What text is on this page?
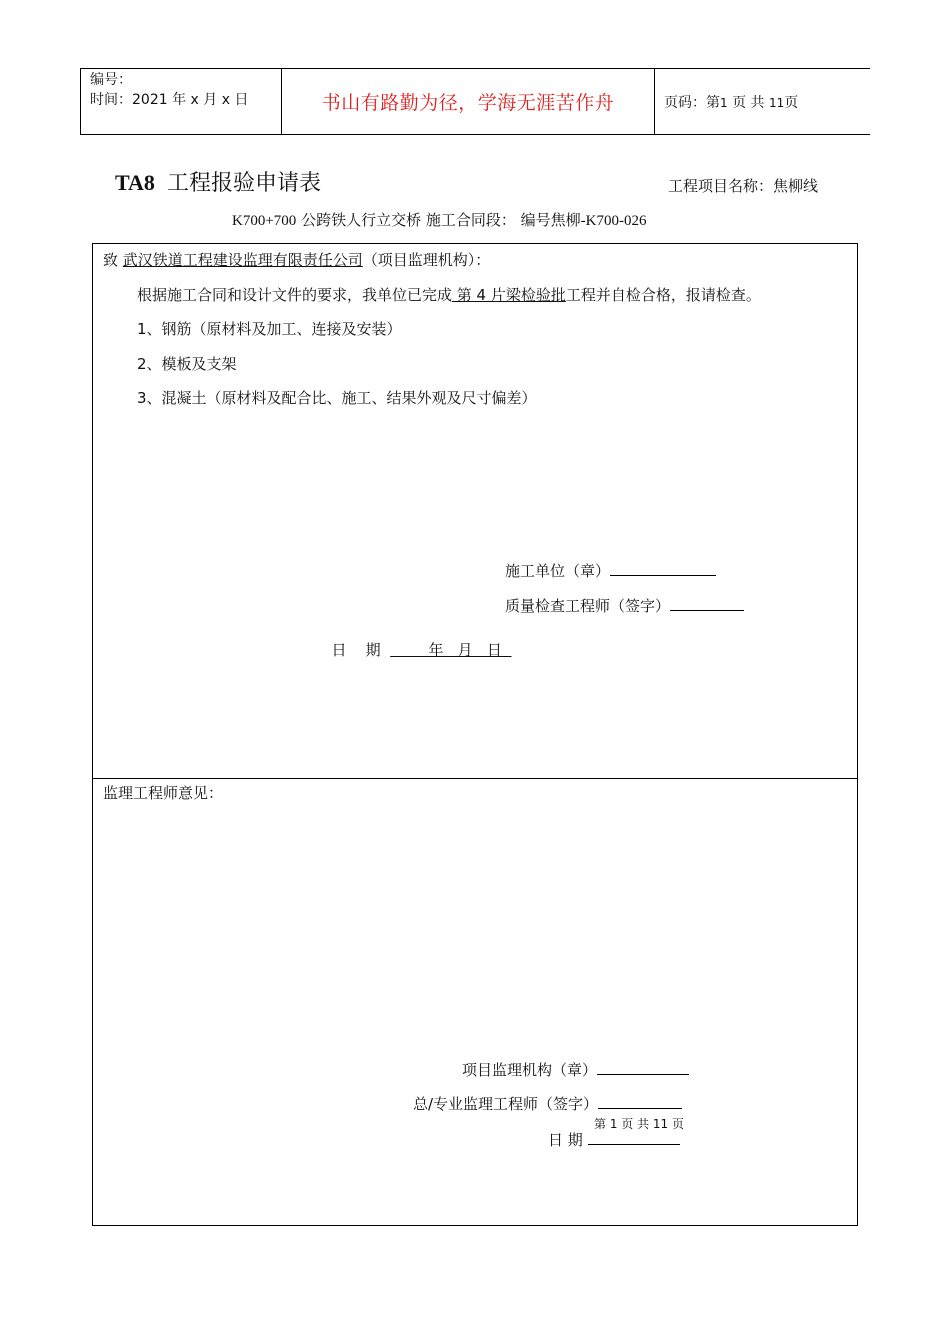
编号：
时间：2021 年 x 月 x 日	书山有路勤为径，学海无涯苦作舟	页码：第1 页 共 11页
TA8 工程报验申请表	工程项目名称：焦柳线
K700+700 公跨铁人行立交桥 施工合同段： 编号焦柳-K700-026
致 武汉铁道工程建设监理有限责任公司（项目监理机构）：
根据施工合同和设计文件的要求，我单位已完成 第 4 片梁检验批工程并自检合格，报请检查。
1、钢筋（原材料及加工、连接及安装）
2、模板及支架
3、混凝土（原材料及配合比、施工、结果外观及尺寸偏差）
施工单位（章）
质量检查工程师（签字）

日    期          年   月   日

监理工程师意见：
项目监理机构（章）
总/专业监理工程师（签字）
第 1 页 共 11 页
日 期
